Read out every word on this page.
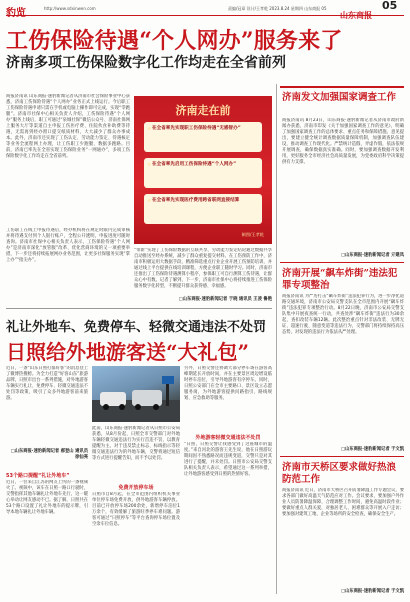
豹览	http://www.sdxinwen.com	责编/冠章 设计/王孝乾 2023.8.24 星期四 山东商报 05
山东商报
05
工伤保险待遇“个人网办”服务来了
济南多项工伤保险数字化工作均走在全省前列
商报济南讯 山东商报·速豹新闻记者从济南市社会保险事业中心获悉，济南工伤保险待遇“个人网办”业务正式上线运行。今后职工工伤保险待遇申请只需在手机或电脑上操作即可完成，实现“零跑腿”。济南市社保中心相关负责人介绍，工伤保险待遇“个人网办”服务上线后，职工可通过“泉城社保”微信公众号、济南社保网上服务大厅等渠道自主申报工伤医疗费、住院伙食补助费等待遇，无需再到经办窗口提交纸质材料，大大减少了群众办事成本。此外，济南市还实现了工伤认定、劳动能力鉴定、待遇核定等业务全流程网上办理，让工伤职工少跑腿、数据多跑路。目前，济南已率先在全省实现工伤保险业务“一网通办”，多项工伤保险数字化工作均走在全省前列。
“带新”实现了工伤保险数据的互联共享，劳动能力鉴定结论通过数据共享自动推送至经办系统，减少了群众重复提交材料。在工伤预防工作中，济南市积极运用大数据手段，精准筛选重点行业企业开展工伤预防培训，并通过线上平台提供在线培训课程，方便企业职工随时学习。同时，济南市还推出了工伤保险待遇测算小程序，参保职工可自行测算工伤待遇，让群众心中有数。记者了解到，下一步，济南市社保中心将持续推进工伤保险服务数字化转型，不断提升群众获得感、幸福感。
工伤职工在线上申报待遇后，经办机构将在规定时限内完成审核并将待遇支付到个人银行账户，全程公开透明，申报进度可随时查询。济南市社保中心相关负责人表示，工伤保险待遇“个人网办”是济南市深化“放管服”改革、优化营商环境的又一项重要举措，下一步还将持续拓展网办业务范围，让更多社保服务实现“掌上办”“指尖办”。
□山东商报·速豹新闻记者 于晓 通讯员 王凌 鲁艳
济南走在前
★ 在全省率先实现职工伤保险待遇“无感智办”
★ 在全省率先启用工伤保险待遇“个人网办”
★ 在全省率先实现医疗费用跨省联网直接结算
制图/王孝乾
礼让外地车、免费停车、轻微交通违法不处罚
日照给外地游客送“大礼包”
近日，一条“山东日照打都好客”的消息登上了微博热搜榜。为全力打造“好客山东”旅游品牌，日照市出台一系列措施，对外地游客车辆实行礼让、免费停车、轻微交通违法不处罚等政策，吸引了众多外地游客前来旅游。
□山东商报·速豹新闻记者 郝登山 通讯员 徐仙亮
53个路口提醒“礼让外地车”
近日，一位来自江苏的网友上传的一条视频火了。视频中，该车在日照一路口行驶时，交警指挥其他车辆礼让外地车先行，这一暖心举动让网友感动不已。据了解，日照共在53个路口设置了礼让外地车的提示牌，引导本地车辆礼让外地车辆。
此前，山东商报·速豹新闻记者从日照市公安局获悉，从8月份起，日照全市交警部门对外地车辆轻微交通违法行为实行首违不罚，以教育提醒为主。对于违反禁止标志、标线指示等轻微交通违法行为的外地车辆，交警将通过短信等方式进行提醒告知，而不予以处罚。
免费开放停车场
日照市自8月起，在全市范围内组织机关事业单位停车场免费开放，供外地游客车辆停放。目前已开放停车场200余处，新增停车泊位1万余个，有效缓解了旅游旺季停车难问题。游客可通过“日照停车”等平台查询停车场位置及空余车位信息。
另外，日照交警还协调大部分停车场在游客高峰期延长开放时间，并在主要景区周边增设临时停车泊位，引导外地游客有序停车。同时，日照公安部门在全市主要路口、景区设立志愿服务岗，为外地游客提供问路指引、路线规划、应急救助等服务。
外地游客轻微交通违法不处罚
“日照，日照交警让我感受到了这座城市的温度。”来自河北的游客王先生说，他在日照游玩期间因不熟悉路况而违规变道，交警只是对其进行了提醒，并未处罚。日照市公安局交警支队相关负责人表示，希望通过这一系列举措，让外地游客感受到日照的热情好客。
济南发文加强国家调查工作
商报济南讯 8月23日，山东商报·速豹新闻记者从济南市政府新闻办获悉，济南市印发《关于加强国家调查工作的意见》，明确了加强国家调查工作的总体要求、重点任务和保障措施。意见提出，要建立健全统计调查数据质量保障机制，加强调查队伍建设，推动调查工作现代化。严禁统计造假、弄虚作假，依法依规开展调查，确保数据真实准确。同时，要加强调查数据开发利用，更好服务全市经济社会高质量发展，为党委政府科学决策提供有力支撑。
□山东商报·速豹新闻记者 亓建凤
济南开展“飙车炸街”违法犯罪专项整治
商报济南讯 为严厉打击“飙车炸街”违法犯罪行为，进一步净化道路交通环境，济南市公安局交警支队在全市范围内开展“飙车炸街”违法犯罪专项整治行动。8月22日晚，济南市公安局交警支队集中开展夜查统一行动，共查处涉“飙车炸街”违法行为30余起，查扣改装车辆12辆。此次整治重点针对非法改装、无牌无证、超速行驶、随意变道等违法行为，交警部门将持续保持高压态势，对发现的违法行为依法从严处理。
□山东商报·速豹新闻记者 于文凯
济南市天桥区要求做好热浪防范工作
商报济南讯 近日，济南市天桥区召开防暑降温工作专题会议，要求各部门做好高温天气防范应对工作。会议要求，要加强户外作业人员防暑降温保障，合理调整工作时间，避免高温时段作业；要做好重点人群关爱，对独居老人、困难群众等开展入户走访；要加强对建筑工地、企业等场所的安全检查，确保安全生产。
□山东商报·速豹新闻记者 于文凯
